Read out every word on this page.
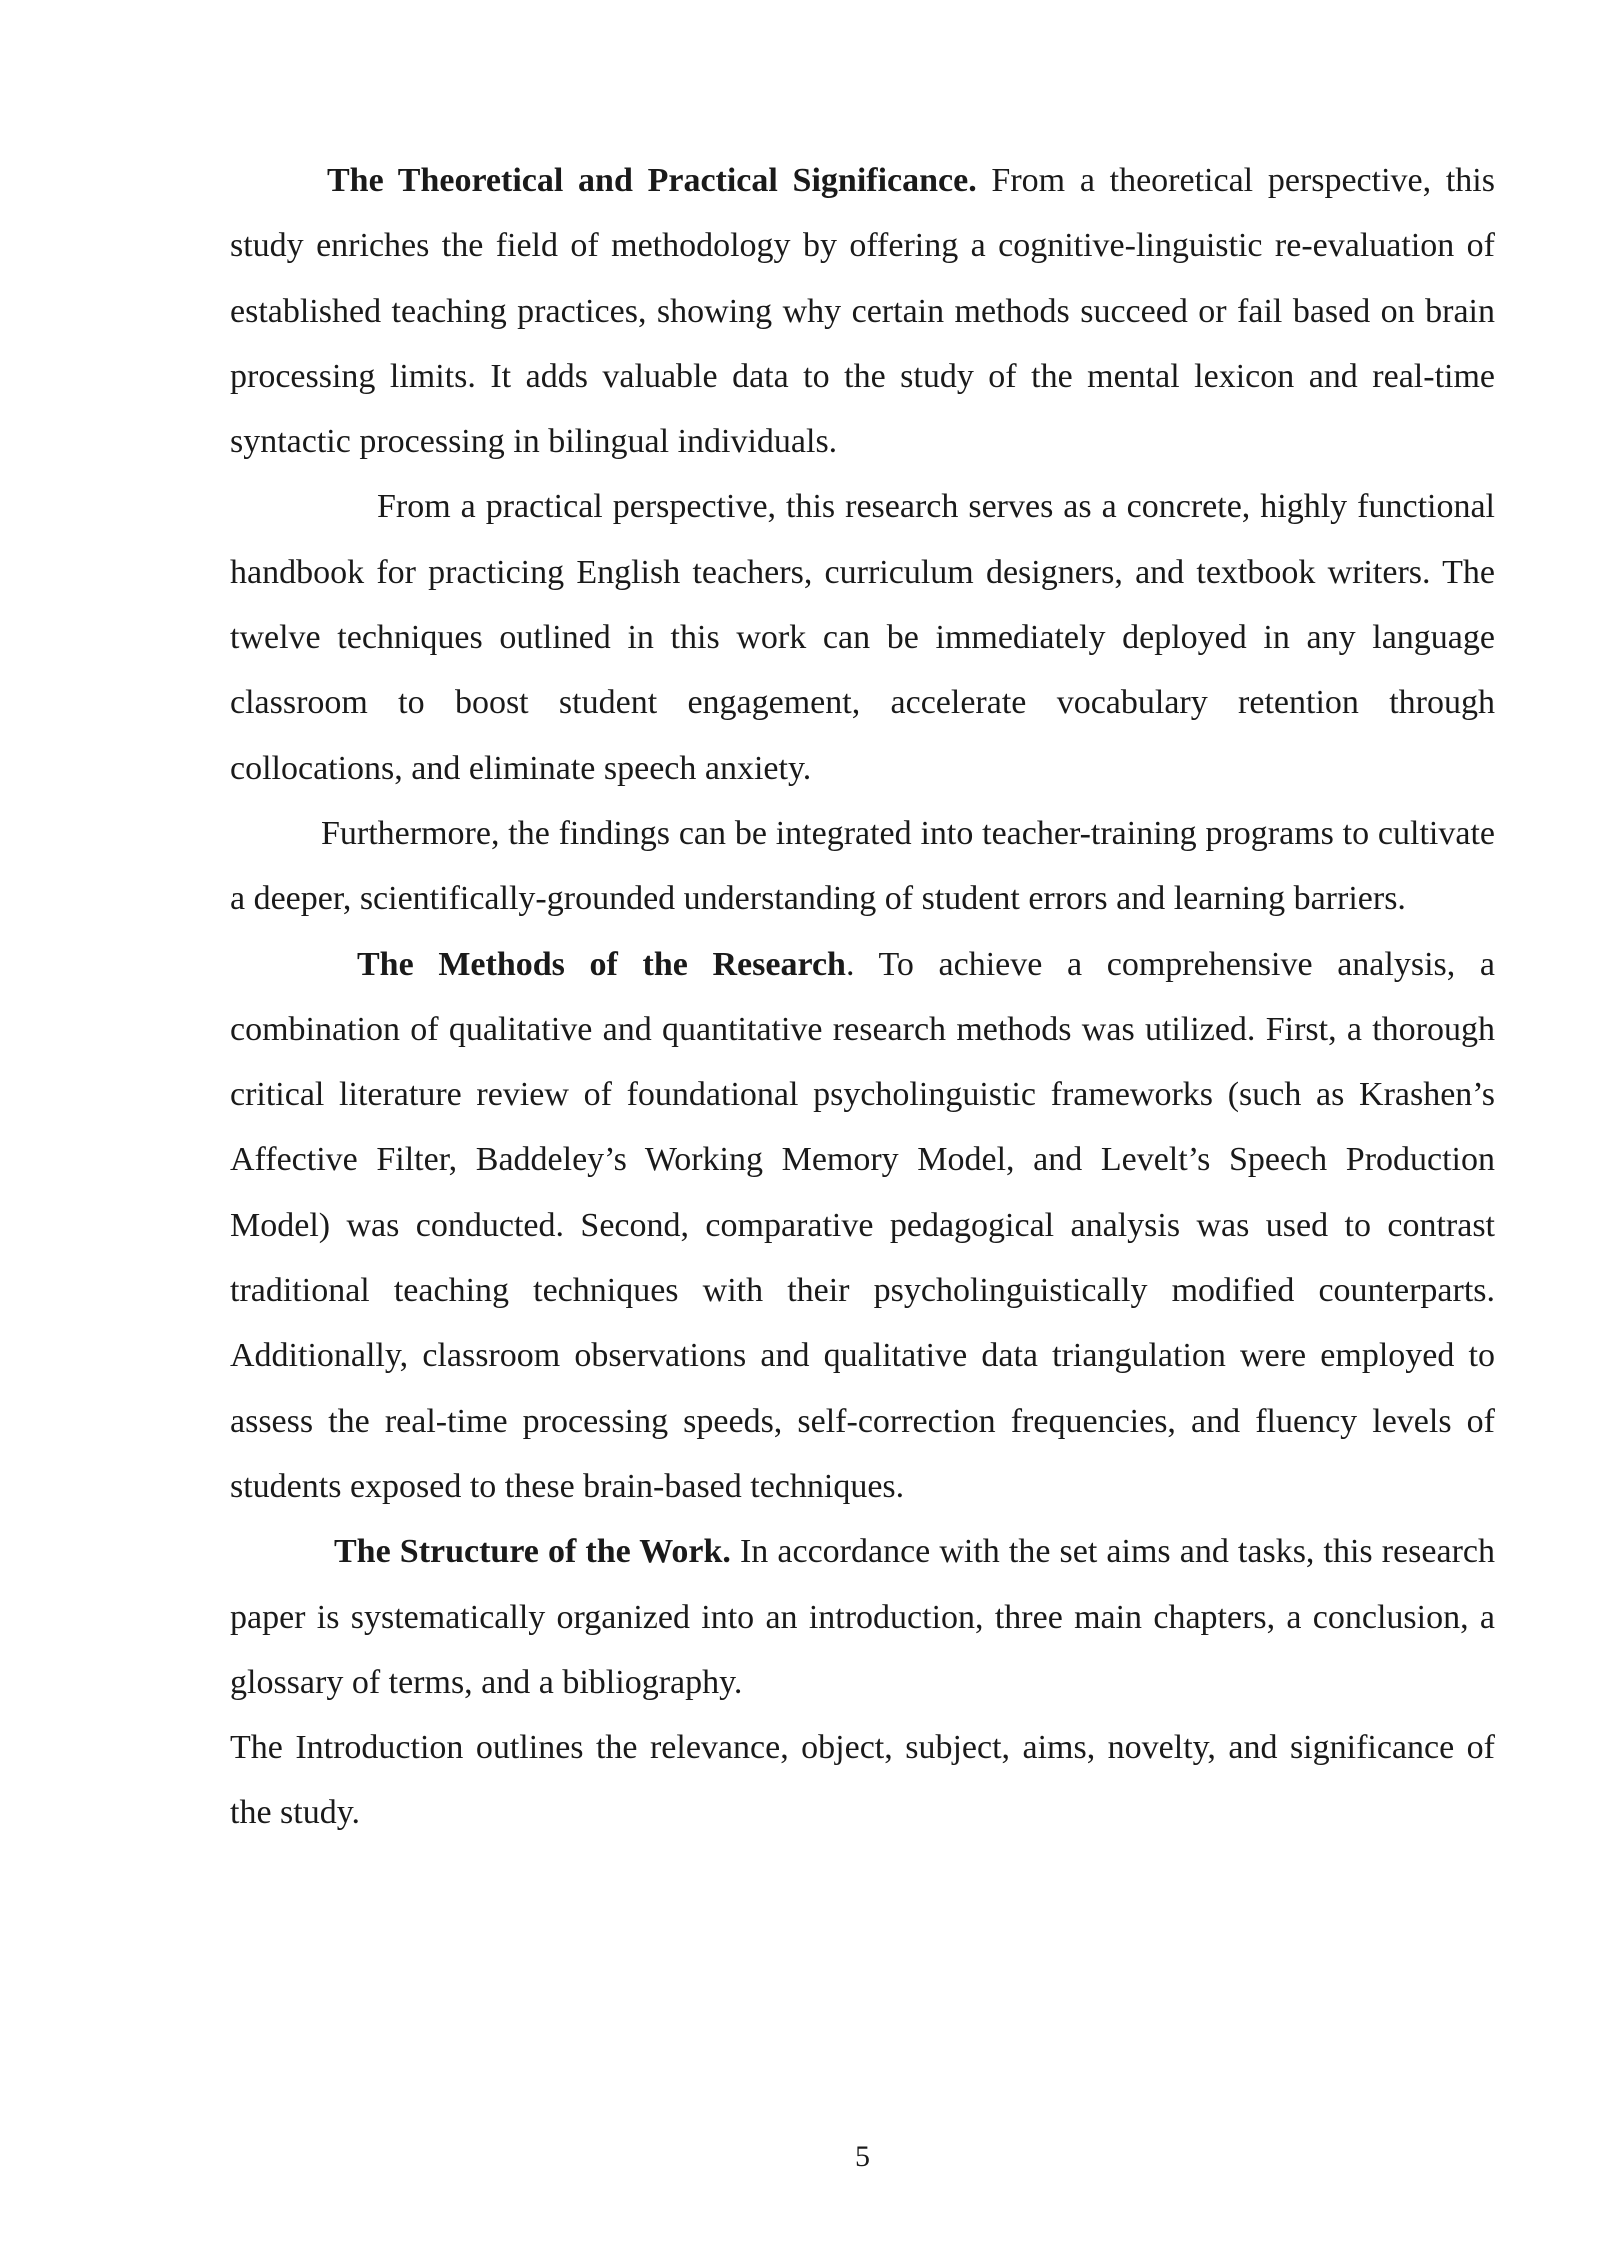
The Theoretical and Practical Significance. From a theoretical perspective, this study enriches the field of methodology by offering a cognitive-linguistic re-evaluation of established teaching practices, showing why certain methods succeed or fail based on brain processing limits. It adds valuable data to the study of the mental lexicon and real-time syntactic processing in bilingual individuals.

From a practical perspective, this research serves as a concrete, highly functional handbook for practicing English teachers, curriculum designers, and textbook writers. The twelve techniques outlined in this work can be immediately deployed in any language classroom to boost student engagement, accelerate vocabulary retention through collocations, and eliminate speech anxiety.

Furthermore, the findings can be integrated into teacher-training programs to cultivate a deeper, scientifically-grounded understanding of student errors and learning barriers.

The Methods of the Research. To achieve a comprehensive analysis, a combination of qualitative and quantitative research methods was utilized. First, a thorough critical literature review of foundational psycholinguistic frameworks (such as Krashen’s Affective Filter, Baddeley’s Working Memory Model, and Levelt’s Speech Production Model) was conducted. Second, comparative pedagogical analysis was used to contrast traditional teaching techniques with their psycholinguistically modified counterparts. Additionally, classroom observations and qualitative data triangulation were employed to assess the real-time processing speeds, self-correction frequencies, and fluency levels of students exposed to these brain-based techniques.

The Structure of the Work. In accordance with the set aims and tasks, this research paper is systematically organized into an introduction, three main chapters, a conclusion, a glossary of terms, and a bibliography.

The Introduction outlines the relevance, object, subject, aims, novelty, and significance of the study.

5
